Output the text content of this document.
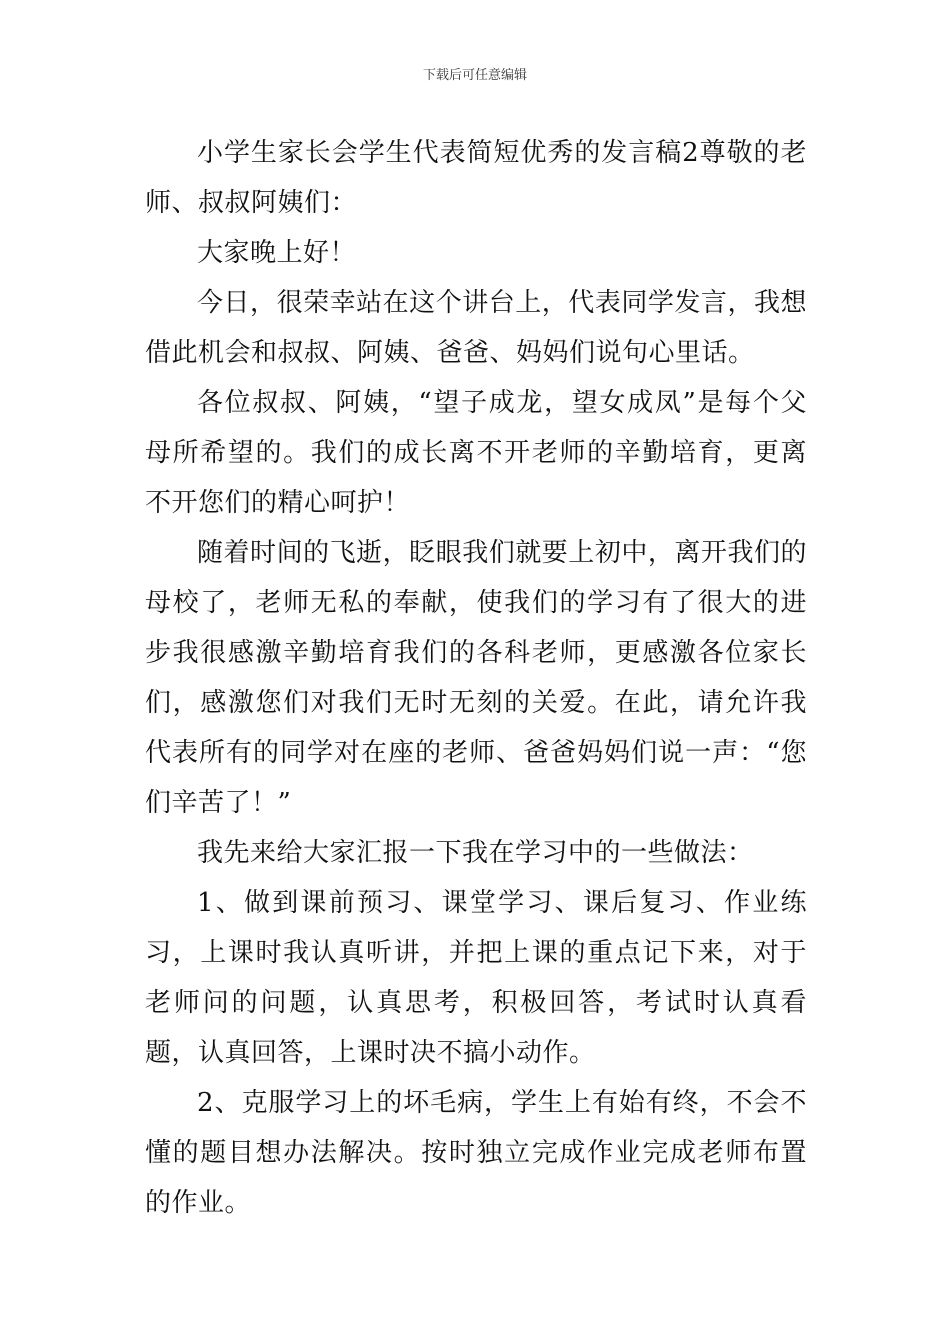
下载后可任意编辑

小学生家长会学生代表简短优秀的发言稿2尊敬的老师、叔叔阿姨们：

大家晚上好！

今日，很荣幸站在这个讲台上，代表同学发言，我想借此机会和叔叔、阿姨、爸爸、妈妈们说句心里话。

各位叔叔、阿姨，“望子成龙，望女成凤”是每个父母所希望的。我们的成长离不开老师的辛勤培育，更离不开您们的精心呵护！

随着时间的飞逝，眨眼我们就要上初中，离开我们的母校了，老师无私的奉献，使我们的学习有了很大的进步我很感激辛勤培育我们的各科老师，更感激各位家长们，感激您们对我们无时无刻的关爱。在此，请允许我代表所有的同学对在座的老师、爸爸妈妈们说一声：“您们辛苦了！”

我先来给大家汇报一下我在学习中的一些做法：

1、做到课前预习、课堂学习、课后复习、作业练习，上课时我认真听讲，并把上课的重点记下来，对于老师问的问题，认真思考，积极回答，考试时认真看题，认真回答，上课时决不搞小动作。

2、克服学习上的坏毛病，学生上有始有终，不会不懂的题目想办法解决。按时独立完成作业完成老师布置的作业。
